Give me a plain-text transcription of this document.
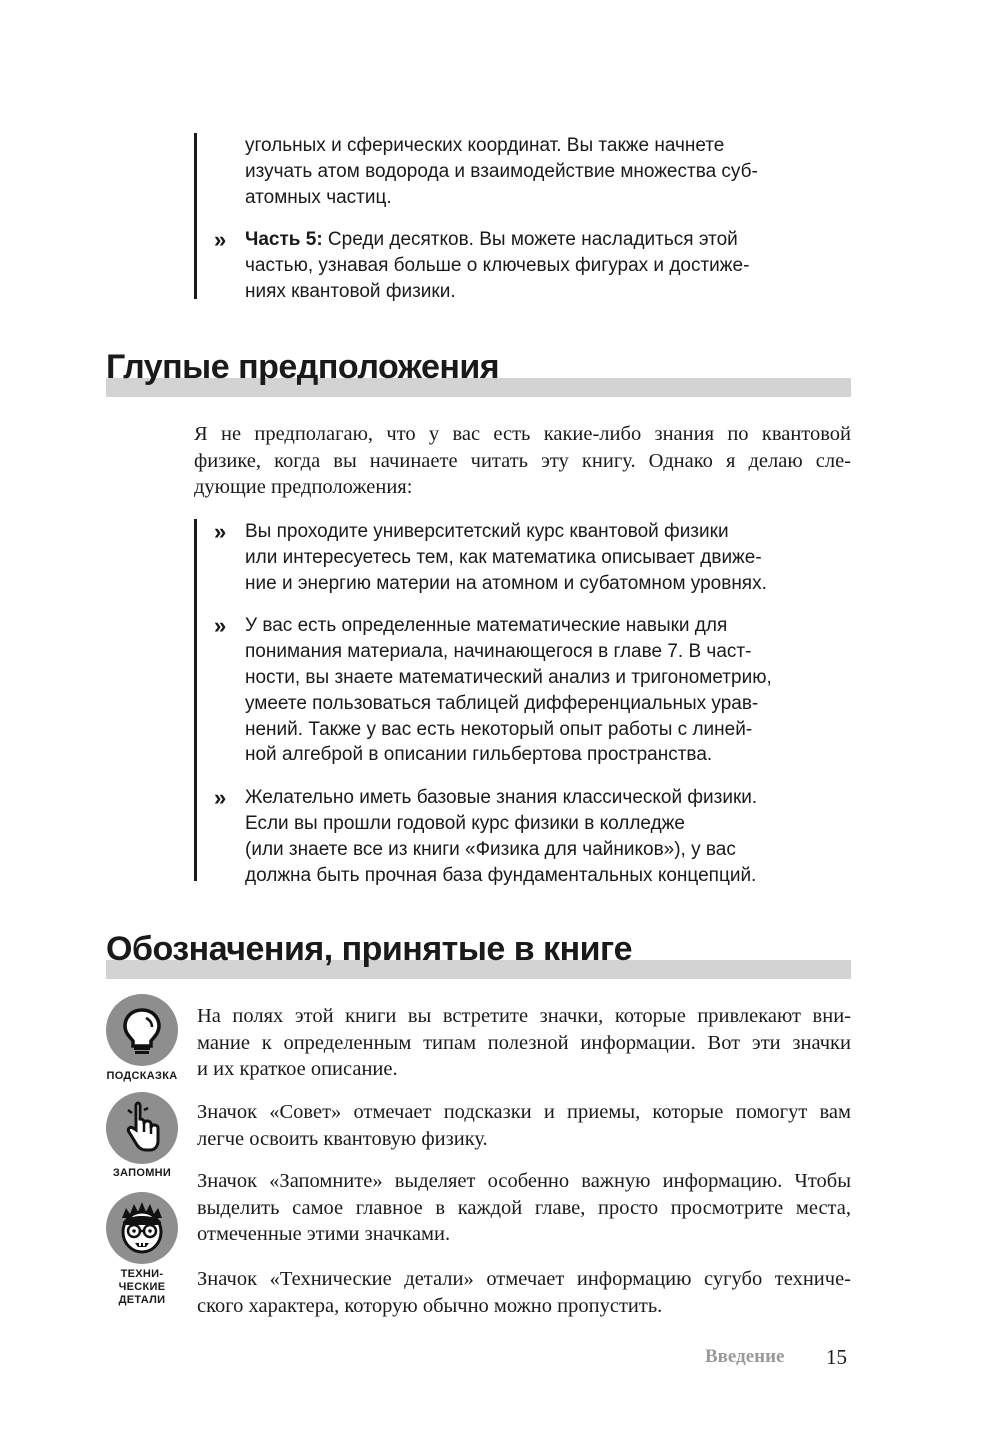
угольных и сферических координат. Вы также начнете
изучать атом водорода и взаимодействие множества суб-
атомных частиц.
» Часть 5: Среди десятков. Вы можете насладиться этой
частью, узнавая больше о ключевых фигурах и достиже-
ниях квантовой физики.
Глупые предположения
Я не предполагаю, что у вас есть какие-либо знания по квантовой
физике, когда вы начинаете читать эту книгу. Однако я делаю сле-
дующие предположения:
» Вы проходите университетский курс квантовой физики
или интересуетесь тем, как математика описывает движе-
ние и энергию материи на атомном и субатомном уровнях.
» У вас есть определенные математические навыки для
понимания материала, начинающегося в главе 7. В част-
ности, вы знаете математический анализ и тригонометрию,
умеете пользоваться таблицей дифференциальных урав-
нений. Также у вас есть некоторый опыт работы с линей-
ной алгеброй в описании гильбертова пространства.
» Желательно иметь базовые знания классической физики.
Если вы прошли годовой курс физики в колледже
(или знаете все из книги «Физика для чайников»), у вас
должна быть прочная база фундаментальных концепций.
Обозначения, принятые в книге
ПОДСКАЗКА
ЗАПОМНИ
ТЕХНИ-
ЧЕСКИЕ
ДЕТАЛИ
На полях этой книги вы встретите значки, которые привлекают вни-
мание к определенным типам полезной информации. Вот эти значки
и их краткое описание.
Значок «Совет» отмечает подсказки и приемы, которые помогут вам
легче освоить квантовую физику.
Значок «Запомните» выделяет особенно важную информацию. Чтобы
выделить самое главное в каждой главе, просто просмотрите места,
отмеченные этими значками.
Значок «Технические детали» отмечает информацию сугубо техниче-
ского характера, которую обычно можно пропустить.
Введение 15
